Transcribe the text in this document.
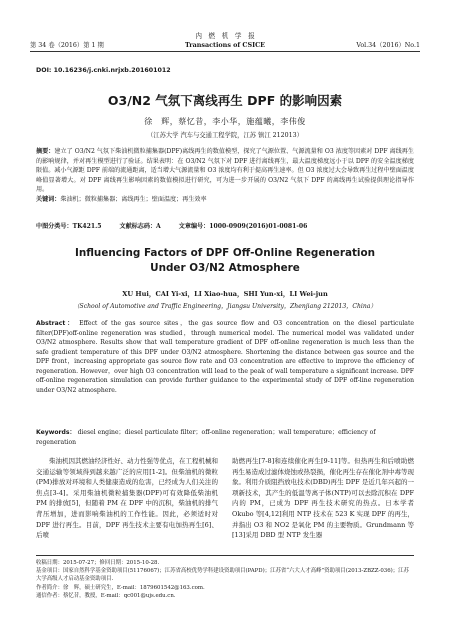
第 34 卷（2016）第 1 期
内　燃　机　学　报
Transactions of CSICE	Vol.34（2016）No.1
DOI: 10.16236/j.cnki.nrjxb.201601012
O3/N2 气氛下离线再生 DPF 的影响因素
徐　辉，蔡忆昔，李小华，施蕴曦，李伟俊
（江苏大学 汽车与交通工程学院，江苏 镇江 212013）
摘要：建立了 O3/N2 气氛下柴油机微粒捕集器(DPF)离线再生的数值模型，探究了气源位置、气源流量和 O3 浓度等因素对 DPF 离线再生的影响规律，并对再生模型进行了验证。结果表明：在 O3/N2 气氛下对 DPF 进行离线再生，最大温度梯度远小于以 DPF 的安全温度梯度限值。减小气源距 DPF 前端的流通距离，适当增大气源流量和 O3 浓度均有利于提高再生速率。但 O3 浓度过大会导致再生过程中壁面温度峰值显著增大。对 DPF 离线再生影响因素的数值模拟进行研究，可为进一步开展的 O3/N2 气氛下 DPF 的离线再生试验提供理论指导作用。
关键词：柴油机；微粒捕集器；离线再生；壁面温度；再生效率
中图分类号：TK421.5	文献标志码：A	文章编号：1000-0909(2016)01-0081-06
Influencing Factors of DPF Off-Online Regeneration
Under O3/N2 Atmosphere
XU Hui，CAI Yi-xi，LI Xiao-hua，SHI Yun-xi，LI Wei-jun
（School of Automotive and Traffic Engineering，Jiangsu University，Zhenjiang 212013，China）
Abstract： Effect of the gas source sites，the gas source flow and O3 concentration on the diesel particulate filter(DPF)off-online regeneration was studied，through numerical model. The numerical model was validated under O3/N2 atmosphere. Results show that wall temperature gradient of DPF off-online regeneration is much less than the safe gradient temperature of this DPF under O3/N2 atmosphere. Shortening the distance between gas source and the DPF front，increasing appropriate gas source flow rate and O3 concentration are effective to improve the efficiency of regeneration. However，over high O3 concentration will lead to the peak of wall temperature a significant increase. DPF off-online regeneration simulation can provide further guidance to the experimental study of DPF off-line regeneration under O3/N2 atmosphere.
Keywords： diesel engine；diesel particulate filter；off-online regeneration；wall temperature；efficiency of regeneration

柴油机因其燃油经济性好、动力性强等优点，在工程机械和交通运输等领域得到越来越广泛的应用[1-2]。但柴油机的微粒(PM)排放对环境和人类健康造成的危害，已经成为人们关注的焦点[3-4]。采用柴油机微粒捕集器(DPF)可有效降低柴油机 PM 的排放[5]，但随着 PM 在 DPF 中的沉积，柴油机的排气背压增加，进而影响柴油机的工作性能。因此，必须适时对 DPF 进行再生。目前，DPF 再生技术主要有电加热再生[6]、后喷

助燃再生[7-8]和连续催化再生[9-11]等。但热再生和后喷助燃再生易造成过滤体烧蚀或热裂损，催化再生存在催化剂中毒等现象。利用介质阻挡放电技术(DBD)再生 DPF 是近几年兴起的一项新技术，其产生的低温等离子体(NTP)可以去除沉积在 DPF 内的 PM，已成为 DPF 再生技术研究的热点。日本学者 Okubo 等[4,12]利用 NTP 技术在 523 K 实现 DPF 的再生，并指出 O3 和 NO2 是氧化 PM 的主要物质。Grundmann 等[13]采用 DBD 型 NTP 发生器

收稿日期：2015-07-27；修回日期：2015-10-28.
基金项目：国家自然科学基金资助项目(51176067)；江苏省高校优势学科建设资助项目(PAPD)；江苏省“六大人才高峰”资助项目(2013-ZBZZ-036)；江苏大学高级人才启动基金资助项目.
作者简介：徐　辉，硕士研究生，E-mail：1879601542@163.com.
通信作者：蔡忆昔，教授，E-mail：qc001@ujs.edu.cn.
